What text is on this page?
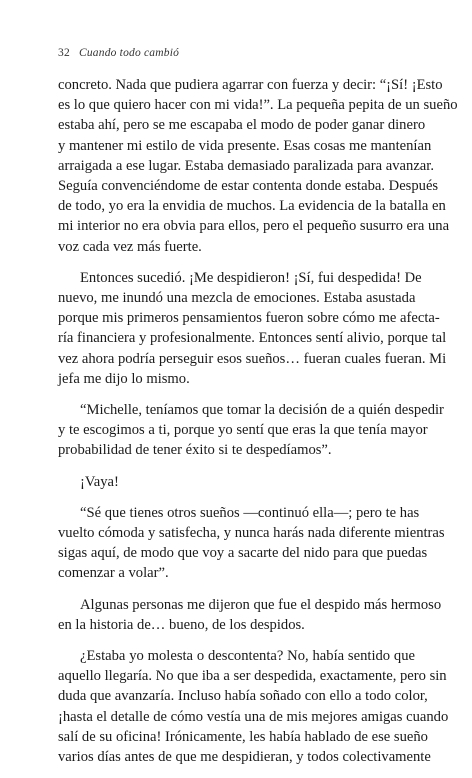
32 Cuando todo cambió

concreto. Nada que pudiera agarrar con fuerza y decir: “¡Sí! ¡Esto
es lo que quiero hacer con mi vida!”. La pequeña pepita de un sueño
estaba ahí, pero se me escapaba el modo de poder ganar dinero
y mantener mi estilo de vida presente. Esas cosas me mantenían
arraigada a ese lugar. Estaba demasiado paralizada para avanzar.
Seguía convenciéndome de estar contenta donde estaba. Después
de todo, yo era la envidia de muchos. La evidencia de la batalla en
mi interior no era obvia para ellos, pero el pequeño susurro era una
voz cada vez más fuerte.

Entonces sucedió. ¡Me despidieron! ¡Sí, fui despedida! De
nuevo, me inundó una mezcla de emociones. Estaba asustada
porque mis primeros pensamientos fueron sobre cómo me afecta-
ría financiera y profesionalmente. Entonces sentí alivio, porque tal
vez ahora podría perseguir esos sueños… fueran cuales fueran. Mi
jefa me dijo lo mismo.

“Michelle, teníamos que tomar la decisión de a quién despedir
y te escogimos a ti, porque yo sentí que eras la que tenía mayor
probabilidad de tener éxito si te despedíamos”.

¡Vaya!

“Sé que tienes otros sueños —continuó ella—; pero te has
vuelto cómoda y satisfecha, y nunca harás nada diferente mientras
sigas aquí, de modo que voy a sacarte del nido para que puedas
comenzar a volar”.

Algunas personas me dijeron que fue el despido más hermoso
en la historia de… bueno, de los despidos.

¿Estaba yo molesta o descontenta? No, había sentido que
aquello llegaría. No que iba a ser despedida, exactamente, pero sin
duda que avanzaría. Incluso había soñado con ello a todo color,
¡hasta el detalle de cómo vestía una de mis mejores amigas cuando
salí de su oficina! Irónicamente, les había hablado de ese sueño
varios días antes de que me despidieran, y todos colectivamente
